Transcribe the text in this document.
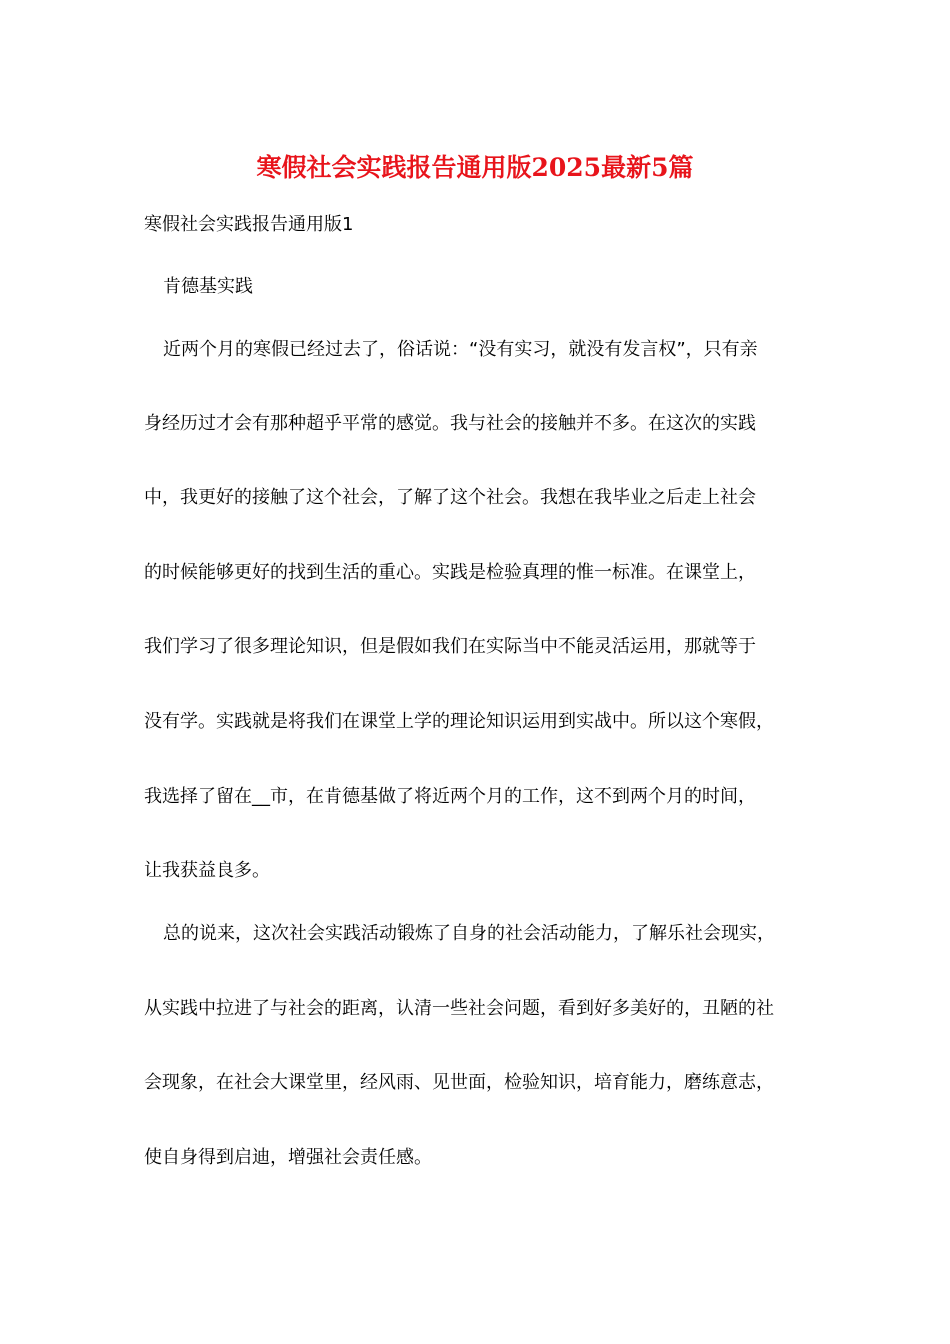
寒假社会实践报告通用版2025最新5篇

寒假社会实践报告通用版1

肯德基实践

近两个月的寒假已经过去了，俗话说：“没有实习，就没有发言权”，只有亲

身经历过才会有那种超乎平常的感觉。我与社会的接触并不多。在这次的实践

中，我更好的接触了这个社会，了解了这个社会。我想在我毕业之后走上社会

的时候能够更好的找到生活的重心。实践是检验真理的惟一标准。在课堂上，

我们学习了很多理论知识，但是假如我们在实际当中不能灵活运用，那就等于

没有学。实践就是将我们在课堂上学的理论知识运用到实战中。所以这个寒假，

我选择了留在__市，在肯德基做了将近两个月的工作，这不到两个月的时间，

让我获益良多。

总的说来，这次社会实践活动锻炼了自身的社会活动能力，了解乐社会现实，

从实践中拉进了与社会的距离，认清一些社会问题，看到好多美好的，丑陋的社

会现象，在社会大课堂里，经风雨、见世面，检验知识，培育能力，磨练意志，

使自身得到启迪，增强社会责任感。
